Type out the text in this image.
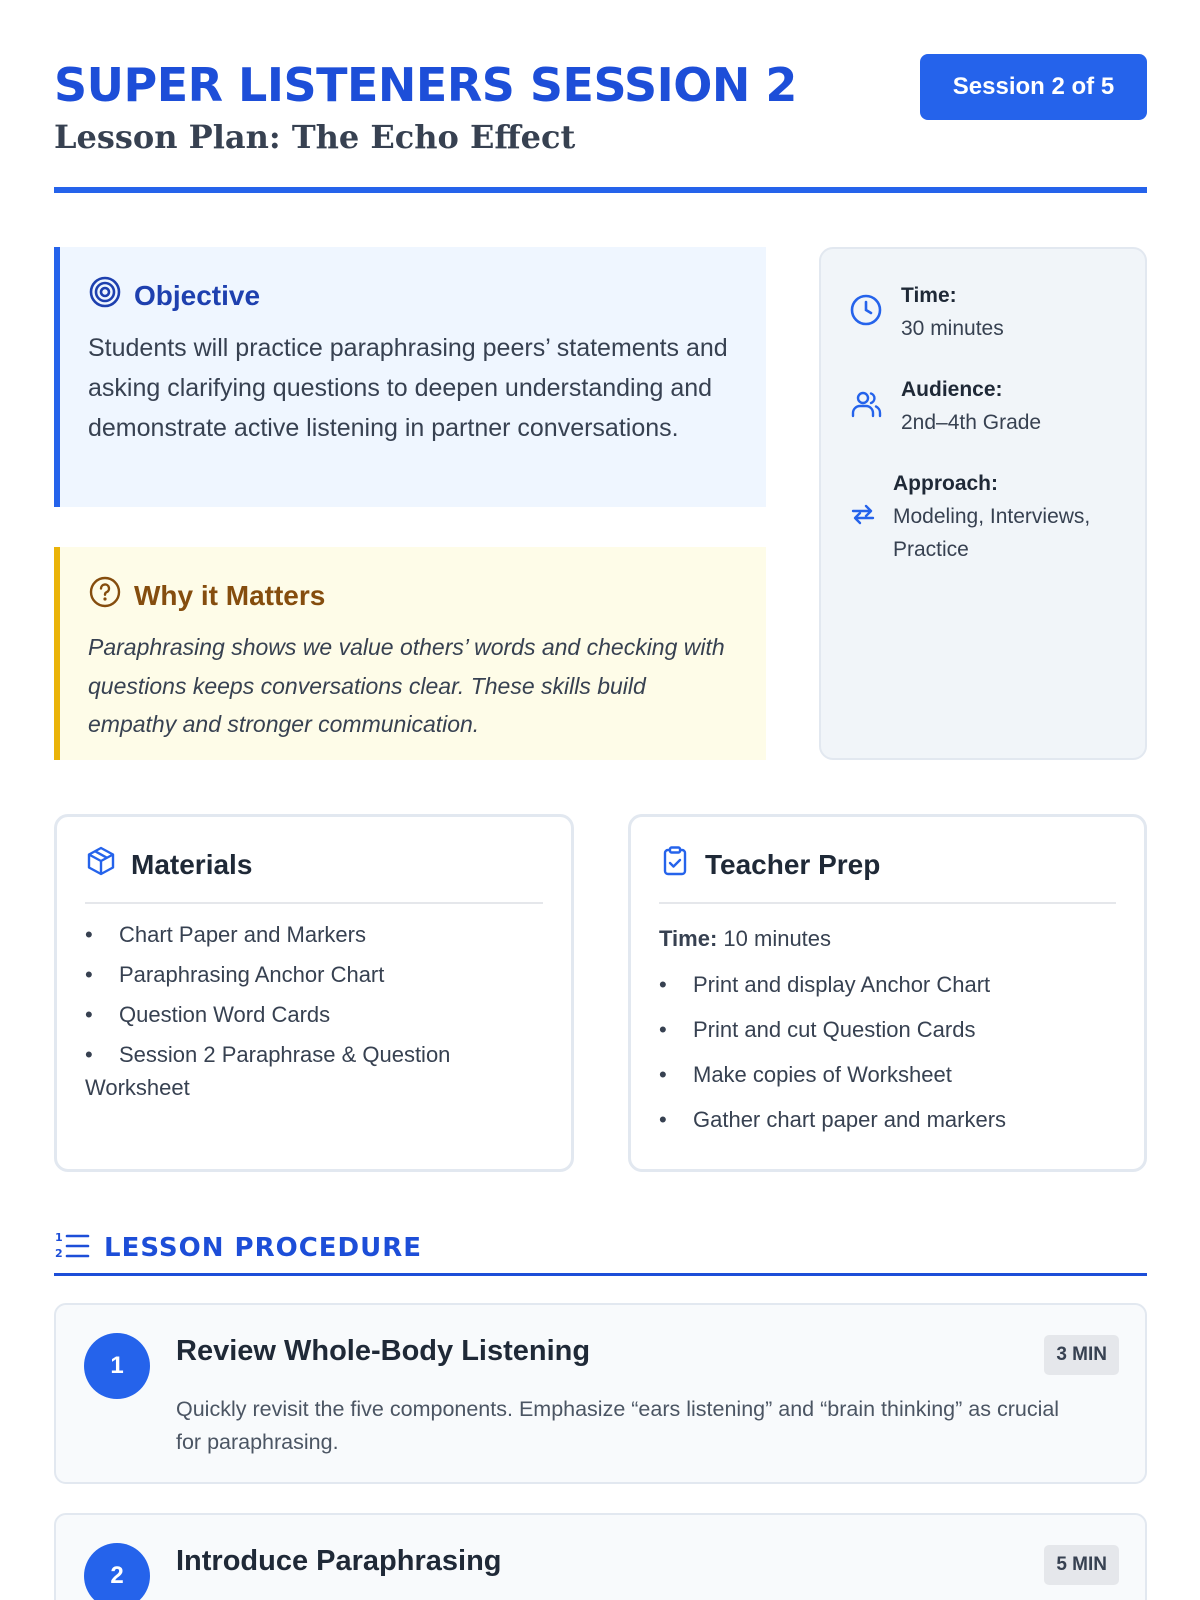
SUPER LISTENERS SESSION 2
Lesson Plan: The Echo Effect
Session 2 of 5
Objective
Students will practice paraphrasing peers’ statements and asking clarifying questions to deepen understanding and demonstrate active listening in partner conversations.
Why it Matters
Paraphrasing shows we value others’ words and checking with questions keeps conversations clear. These skills build empathy and stronger communication.
Time:
30 minutes
Audience:
2nd–4th Grade
Approach:
Modeling, Interviews, Practice
Materials
• Chart Paper and Markers
• Paraphrasing Anchor Chart
• Question Word Cards
• Session 2 Paraphrase & Question Worksheet
Teacher Prep
Time: 10 minutes
• Print and display Anchor Chart
• Print and cut Question Cards
• Make copies of Worksheet
• Gather chart paper and markers
1
2 LESSON PROCEDURE
1	Review Whole-Body Listening	3 MIN
Quickly revisit the five components. Emphasize “ears listening” and “brain thinking” as crucial for paraphrasing.
2	Introduce Paraphrasing	5 MIN
